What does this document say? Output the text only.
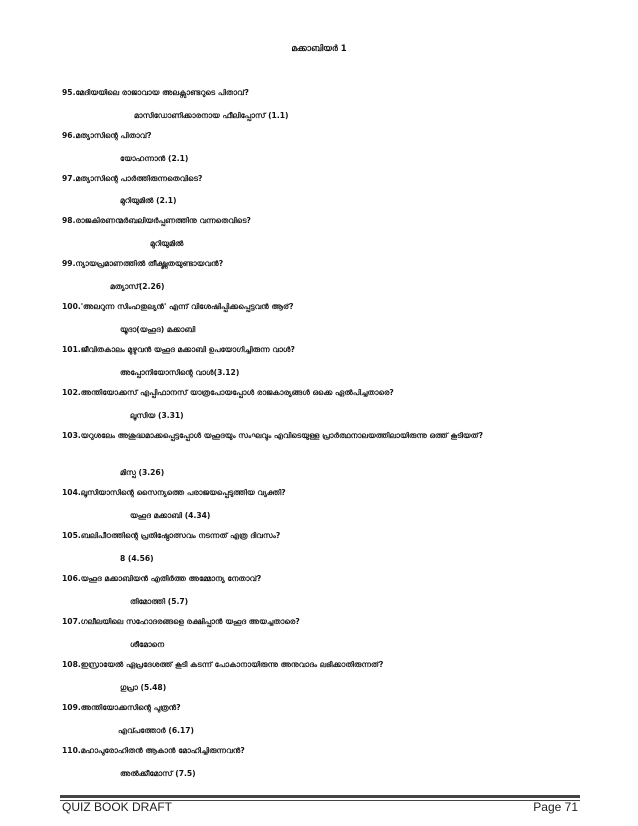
മക്കാബിയർ 1
95.മേദിയയിലെ രാജാവായ അലക്സാണ്ടറുടെ പിതാവ്?
മാസിഡോണിക്കാരനായ ഫീലിപ്പോസ് (1.1)
96.മത്യാസിന്റെ പിതാവ്?
യോഹന്നാൻ (2.1)
97.മത്യാസിന്റെ പാർത്തിരുന്നതെവിടെ?
മുറിയുമിൽ (2.1)
98.രാജകിരണന്മർബലിയർപ്പണത്തിനു വന്നതെവിടെ?
മുറിയുമിൽ
99.ന്യായപ്രമാണത്തിൽ തീക്ഷ്ണതയുണ്ടായവൻ?
മത്യാസ്(2.26)
100.'അലറുന്ന സിംഹതുല്യൻ' എന്ന് വിശേഷിപ്പിക്കപ്പെട്ടവൻ ആര്?
യൂദാ(യഹൂദ) മക്കാബി
101.ജീവിതകാലം മുഴുവൻ യഹൂദ മക്കാബി ഉപയോഗിച്ചിരുന്ന വാൾ?
അപ്പോനിയോസിന്റെ വാൾ(3.12)
102.അന്തിയോക്കസ് എപ്പിഫാനസ് യാത്രപോയപ്പോൾ രാജകാര്യങ്ങൾ ഒക്കെ ഏൽപിച്ചതാരെ?
ലൂസിയ (3.31)
103.യറുശലേം അശുദ്ധമാക്കപ്പെട്ടപ്പോൾ യഹൂദയും സംഘവും എവിടെയുള്ള പ്രാർത്ഥനാലയത്തിലായിരുന്നു ഒത്ത് കൂടിയത്?
മിസ്പ (3.26)
104.ലൂസിയാസിന്റെ സൈന്യത്തെ പരാജയപ്പെടുത്തിയ വ്യക്തി?
യഹൂദ മക്കാബി (4.34)
105.ബലിപീഠത്തിന്റെ പ്രതിഷ്ഠോത്സവം നടന്നത് എത്ര ദിവസം?
8 (4.56)
106.യഹൂദ മക്കാബിയൻ എതിർത്ത അമ്മോന്യ നേതാവ്?
തിമോത്തി (5.7)
107.ഗലീലയിലെ സഹോദരങ്ങളെ രക്ഷിപ്പാൻ യഹൂദ അയച്ചതാരെ?
ശീമോനെ
108.ഇസ്രായേൽ ഏപ്രദേശത്ത് കൂടി കടന്ന് പോകാനായിരുന്നു അനുവാദം ലഭിക്കാതിരുന്നത്?
ഗുപ്രാ (5.48)
109.അന്തിയോക്കസിന്റെ പുത്രൻ?
എവ്പത്തോർ (6.17)
110.മഹാപുരോഹിതൻ ആകാൻ മോഹിച്ചിരുന്നവൻ?
അൽക്കീമോസ് (7.5)
QUIZ BOOK DRAFT	Page 71
